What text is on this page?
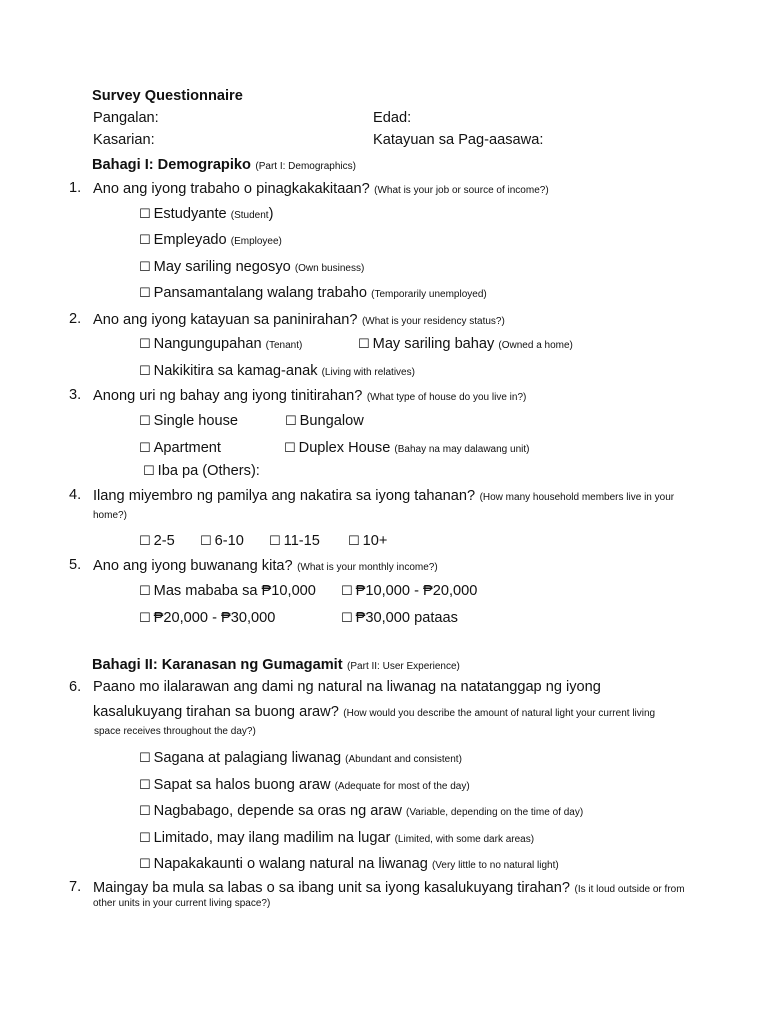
Survey Questionnaire
Pangalan:	Edad:
Kasarian:	Katayuan sa Pag-aasawa:
Bahagi I: Demograpiko (Part I: Demographics)
1. Ano ang iyong trabaho o pinagkakakitaan? (What is your job or source of income?)
☐ Estudyante (Student)
☐ Empleyado (Employee)
☐ May sariling negosyo (Own business)
☐ Pansamantalang walang trabaho (Temporarily unemployed)
2. Ano ang iyong katayuan sa paninirahan? (What is your residency status?)
☐ Nangungupahan (Tenant)	☐ May sariling bahay (Owned a home)
☐ Nakikitira sa kamag-anak (Living with relatives)
3. Anong uri ng bahay ang iyong tinitirahan? (What type of house do you live in?)
☐ Single house	☐ Bungalow
☐ Apartment	☐ Duplex House (Bahay na may dalawang unit)
☐ Iba pa (Others):
4. Ilang miyembro ng pamilya ang nakatira sa iyong tahanan? (How many household members live in your
home?)
☐ 2-5 ☐ 6-10 ☐ 11-15 ☐ 10+
5. Ano ang iyong buwanang kita? (What is your monthly income?)
☐ Mas mababa sa ₱10,000 ☐ ₱10,000 - ₱20,000
☐ ₱20,000 - ₱30,000	☐ ₱30,000 pataas
Bahagi II: Karanasan ng Gumagamit (Part II: User Experience)
6. Paano mo ilalarawan ang dami ng natural na liwanag na natatanggap ng iyong
kasalukuyang tirahan sa buong araw? (How would you describe the amount of natural light your current living
space receives throughout the day?)
☐ Sagana at palagiang liwanag (Abundant and consistent)
☐ Sapat sa halos buong araw (Adequate for most of the day)
☐ Nagbabago, depende sa oras ng araw (Variable, depending on the time of day)
☐ Limitado, may ilang madilim na lugar (Limited, with some dark areas)
☐ Napakakaunti o walang natural na liwanag (Very little to no natural light)
7. Maingay ba mula sa labas o sa ibang unit sa iyong kasalukuyang tirahan? (Is it loud outside or from
other units in your current living space?)
